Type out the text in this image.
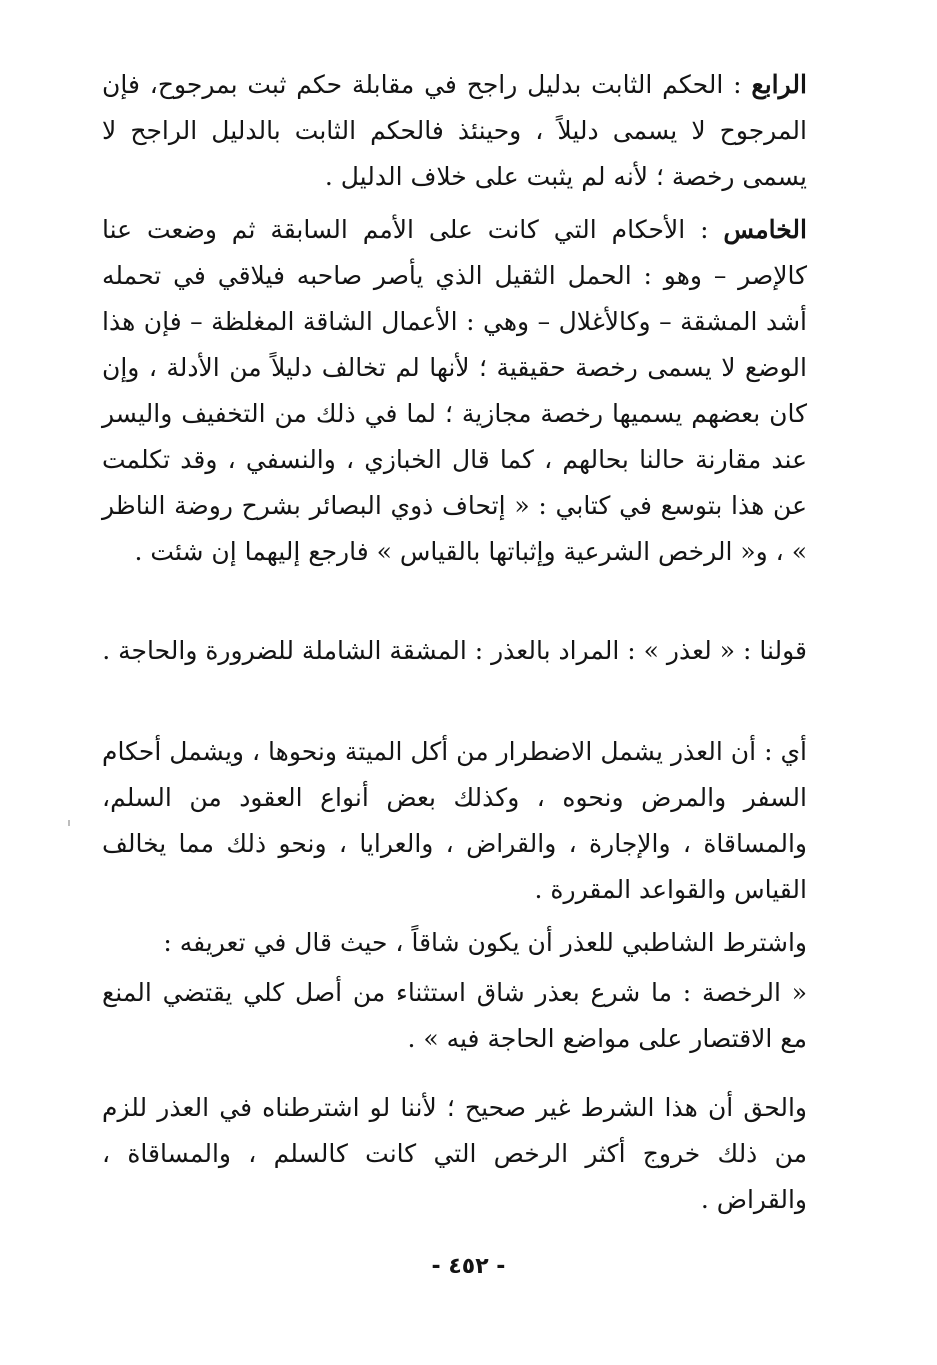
الرابع : الحكم الثابت بدليل راجح في مقابلة حكم ثبت بمرجوح، فإن المرجوح لا يسمى دليلاً ، وحينئذ فالحكم الثابت بالدليل الراجح لا يسمى رخصة ؛ لأنه لم يثبت على خلاف الدليل .

الخامس : الأحكام التي كانت على الأمم السابقة ثم وضعت عنا كالإصر – وهو : الحمل الثقيل الذي يأصر صاحبه فيلاقي في تحمله أشد المشقة – وكالأغلال – وهي : الأعمال الشاقة المغلظة – فإن هذا الوضع لا يسمى رخصة حقيقية ؛ لأنها لم تخالف دليلاً من الأدلة ، وإن كان بعضهم يسميها رخصة مجازية ؛ لما في ذلك من التخفيف واليسر عند مقارنة حالنا بحالهم ، كما قال الخبازي ، والنسفي ، وقد تكلمت عن هذا بتوسع في كتابي : « إتحاف ذوي البصائر بشرح روضة الناظر » ، و« الرخص الشرعية وإثباتها بالقياس » فارجع إليهما إن شئت .

قولنا : « لعذر » : المراد بالعذر : المشقة الشاملة للضرورة والحاجة .

أي : أن العذر يشمل الاضطرار من أكل الميتة ونحوها ، ويشمل أحكام السفر والمرض ونحوه ، وكذلك بعض أنواع العقود من السلم، والمساقاة ، والإجارة ، والقراض ، والعرايا ، ونحو ذلك مما يخالف القياس والقواعد المقررة .

واشترط الشاطبي للعذر أن يكون شاقاً ، حيث قال في تعريفه :

« الرخصة : ما شرع بعذر شاق استثناء من أصل كلي يقتضي المنع مع الاقتصار على مواضع الحاجة فيه » .

والحق أن هذا الشرط غير صحيح ؛ لأننا لو اشترطناه في العذر للزم من ذلك خروج أكثر الرخص التي كانت كالسلم ، والمساقاة ، والقراض .

- ٤٥٢ -
